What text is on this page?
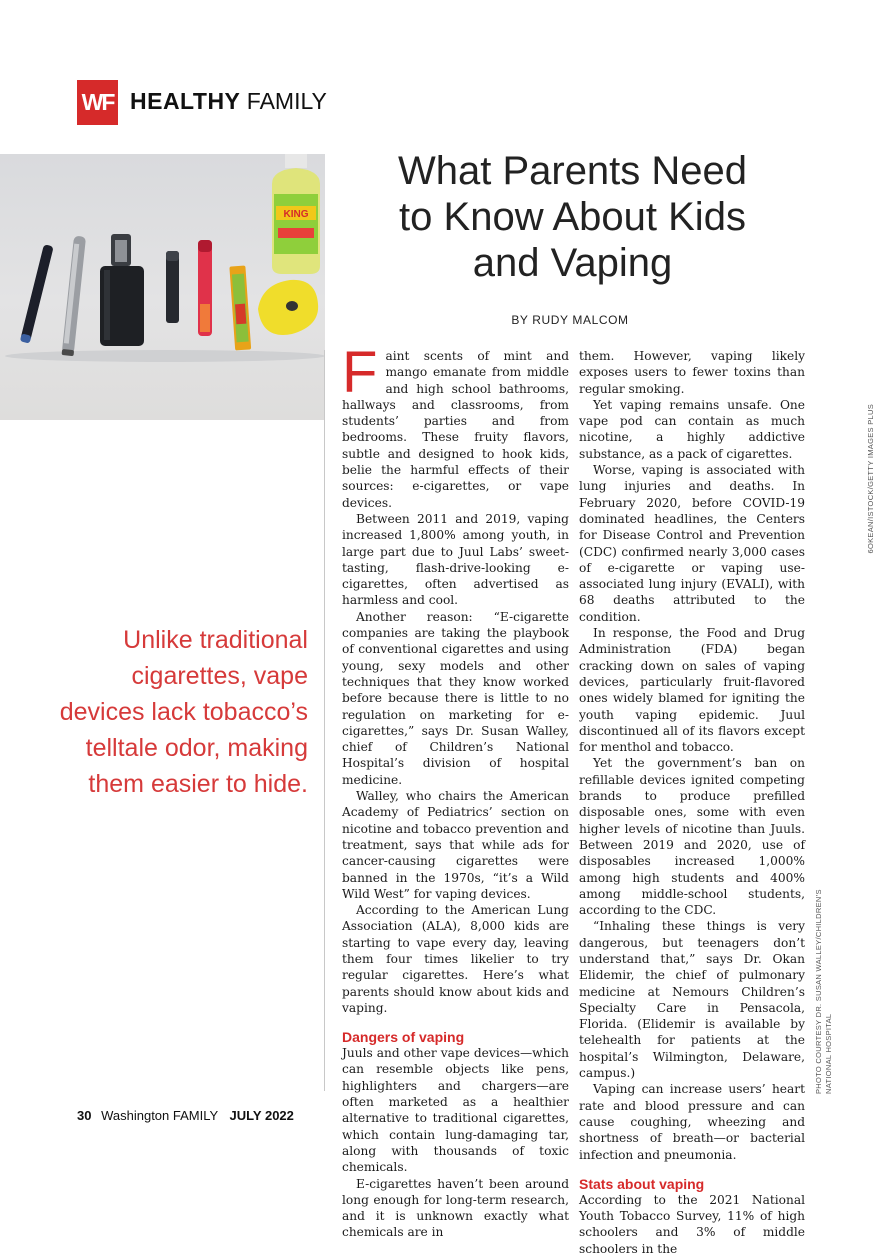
WF HEALTHY FAMILY
KING
What Parents Need
to Know About Kids
and Vaping
BY RUDY MALCOM
Unlike traditional cigarettes, vape devices lack tobacco’s telltale odor, making them easier to hide.

Faint scents of mint and mango emanate from middle and high school bathrooms, hallways and classrooms, from students’ parties and from bedrooms. These fruity flavors, subtle and designed to hook kids, belie the harmful effects of their sources: e-cigarettes, or vape devices.

Between 2011 and 2019, vaping increased 1,800% among youth, in large part due to Juul Labs’ sweet-tasting, flash-drive-looking e-cigarettes, often advertised as harmless and cool.

Another reason: “E-cigarette companies are taking the playbook of conventional cigarettes and using young, sexy models and other techniques that they know worked before because there is little to no regulation on marketing for e-cigarettes,” says Dr. Susan Walley, chief of Children’s National Hospital’s division of hospital medicine.

Walley, who chairs the American Academy of Pediatrics’ section on nicotine and tobacco prevention and treatment, says that while ads for cancer-causing cigarettes were banned in the 1970s, “it’s a Wild Wild West” for vaping devices.

According to the American Lung Association (ALA), 8,000 kids are starting to vape every day, leaving them four times likelier to try regular cigarettes. Here’s what parents should know about kids and vaping.

Dangers of vaping

Juuls and other vape devices—which can resemble objects like pens, highlighters and chargers—are often marketed as a healthier alternative to traditional cigarettes, which contain lung-damaging tar, along with thousands of toxic chemicals.

E-cigarettes haven’t been around long enough for long-term research, and it is unknown exactly what chemicals are in

them. However, vaping likely exposes users to fewer toxins than regular smoking.

Yet vaping remains unsafe. One vape pod can contain as much nicotine, a highly addictive substance, as a pack of cigarettes.

Worse, vaping is associated with lung injuries and deaths. In February 2020, before COVID-19 dominated headlines, the Centers for Disease Control and Prevention (CDC) confirmed nearly 3,000 cases of e-cigarette or vaping use-associated lung injury (EVALI), with 68 deaths attributed to the condition.

In response, the Food and Drug Administration (FDA) began cracking down on sales of vaping devices, particularly fruit-flavored ones widely blamed for igniting the youth vaping epidemic. Juul discontinued all of its flavors except for menthol and tobacco.

Yet the government’s ban on refillable devices ignited competing brands to produce prefilled disposable ones, some with even higher levels of nicotine than Juuls. Between 2019 and 2020, use of disposables increased 1,000% among high students and 400% among middle-school students, according to the CDC.

“Inhaling these things is very dangerous, but teenagers don’t understand that,” says Dr. Okan Elidemir, the chief of pulmonary medicine at Nemours Children’s Specialty Care in Pensacola, Florida. (Elidemir is available by telehealth for patients at the hospital’s Wilmington, Delaware, campus.)

Vaping can increase users’ heart rate and blood pressure and can cause coughing, wheezing and shortness of breath—or bacterial infection and pneumonia.

Stats about vaping

According to the 2021 National Youth Tobacco Survey, 11% of high schoolers and 3% of middle schoolers in the

6OKEAN/ISTOCK/GETTY IMAGES PLUS
PHOTO COURTESY DR. SUSAN WALLEY/CHILDREN’S NATIONAL HOSPITAL
30 Washington FAMILY JULY 2022
